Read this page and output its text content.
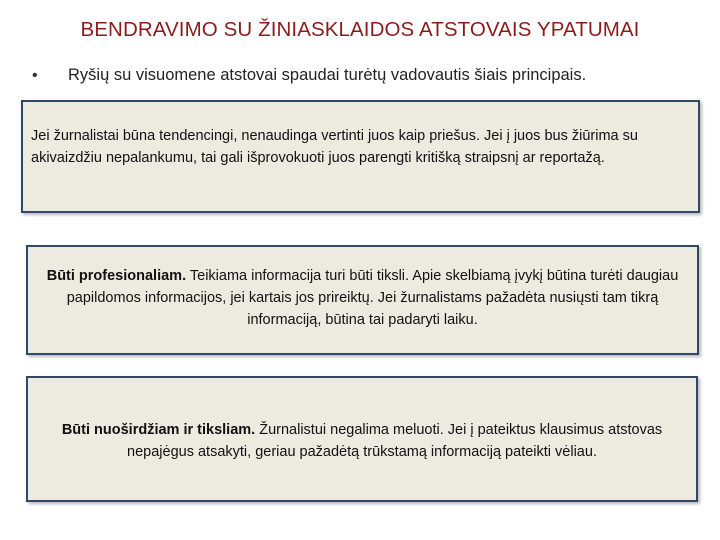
BENDRAVIMO SU ŽINIASKLAIDOS ATSTOVAIS YPATUMAI
•	Ryšių su visuomene atstovai spaudai turėtų vadovautis šiais principais.
Jei žurnalistai būna tendencingi, nenaudinga vertinti juos kaip priešus. Jei į juos bus žiūrima su akivaizdžiu nepalankumu, tai gali išprovokuoti juos parengti kritišką straipsnį ar reportažą.
Būti profesionaliam. Teikiama informacija turi būti tiksli. Apie skelbiamą įvykį būtina turėti daugiau papildomos informacijos, jei kartais jos prireiktų. Jei žurnalistams pažadėta nusiųsti tam tikrą informaciją, būtina tai padaryti laiku.
Būti nuoširdžiam ir tiksliam. Žurnalistui negalima meluoti. Jei į pateiktus klausimus atstovas nepajėgus atsakyti, geriau pažadėtą trūkstamą informaciją pateikti vėliau.
